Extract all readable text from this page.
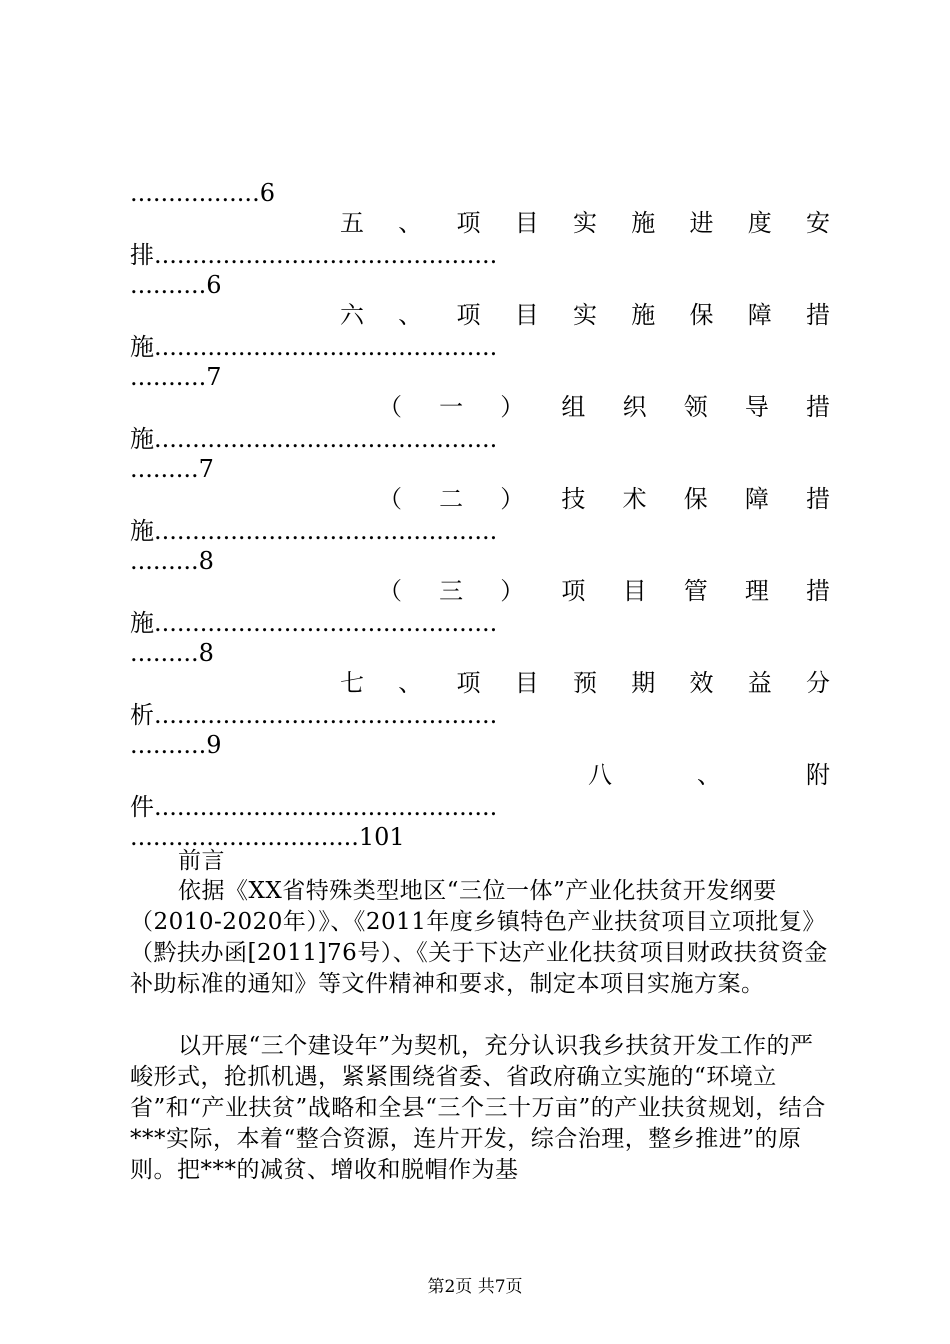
.................6
五 、 项 目 实 施 进 度 安
排.............................................
..........6
六 、 项 目 实 施 保 障 措
施.............................................
..........7
（ 一 ） 组 织 领 导 措
施.............................................
.........7
（ 二 ） 技 术 保 障 措
施.............................................
.........8
（ 三 ） 项 目 管 理 措
施.............................................
.........8
七 、 项 目 预 期 效 益 分
析.............................................
..........9
八	、	附
件.............................................
..............................101
前言
依据《XX省特殊类型地区“三位一体”产业化扶贫开发纲要（2010-2020年）》、《2011年度乡镇特色产业扶贫项目立项批复》（黔扶办函[2011]76号）、《关于下达产业化扶贫项目财政扶贫资金补助标准的通知》等文件精神和要求，制定本项目实施方案。
以开展“三个建设年”为契机，充分认识我乡扶贫开发工作的严峻形式，抢抓机遇，紧紧围绕省委、省政府确立实施的“环境立省”和“产业扶贫”战略和全县“三个三十万亩”的产业扶贫规划，结合***实际，本着“整合资源，连片开发，综合治理，整乡推进”的原则。把***的减贫、增收和脱帽作为基
第2页 共7页
